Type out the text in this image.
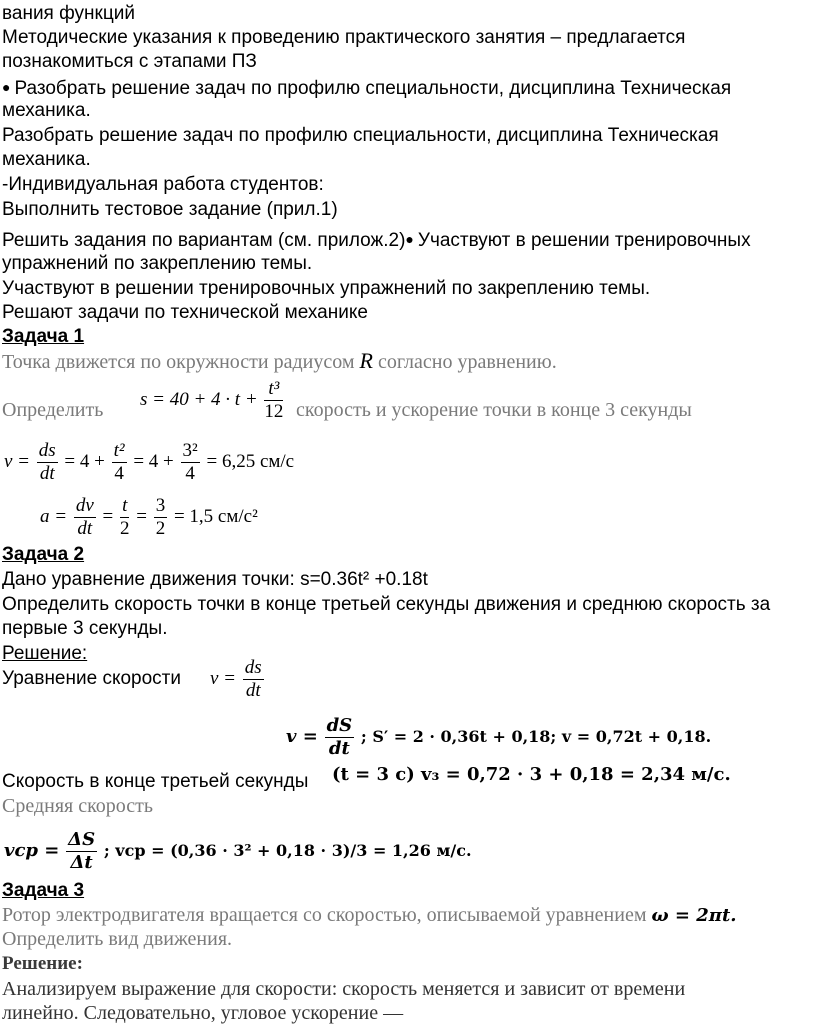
вания функций
Методические указания к проведению практического занятия – предлагается
познакомиться с этапами ПЗ
● Разобрать решение задач по профилю специальности, дисциплина Техническая
механика.
Разобрать решение задач по профилю специальности, дисциплина Техническая
механика.
-Индивидуальная работа студентов:
Выполнить тестовое задание (прил.1)
Решить задания по вариантам (см. прилож.2)● Участвуют в решении тренировочных
упражнений по закреплению темы.
Участвуют в решении тренировочных упражнений по закреплению темы.
Решают задачи по технической механике
Задача 1
Точка движется по окружности радиусом R согласно уравнению.
Определить $s = 40 + 4 \cdot t + \frac{\text{t³}}{12}$ скорость и ускорение точки в конце 3 секунды
$v = \frac{ds}{dt} = 4 + \frac{\text{t²}}{4} = 4 + \frac{\text{3²}}{4} = 6,25$ см/с
$a = \frac{dv}{dt} = \frac{t}{2} = \frac{3}{2} = 1,5$ см/с²
Задача 2
Дано уравнение движения точки: s=0.36t² +0.18t
Определить скорость точки в конце третьей секунды движения и среднюю скорость за
первые 3 секунды.
Решение:
Уравнение скорости $v = \frac{ds}{dt}$
$v = \frac{dS}{dt}$ ; S′ = 2 · 0,36t + 0,18; v = 0,72t + 0,18.
Скорость в конце третьей секунды (t = 3 c) v₃ = 0,72 · 3 + 0,18 = 2,34 м/с.
Средняя скорость
vср = $\frac{\Delta S}{\Delta t}$ ; vср = (0,36 · 3² + 0,18 · 3)/3 = 1,26 м/с.
Задача 3
Ротор электродвигателя вращается со скоростью, описываемой уравнением ω = 2πt.
Определить вид движения.
Решение:
Анализируем выражение для скорости: скорость меняется и зависит от времени
линейно. Следовательно, угловое ускорение —
